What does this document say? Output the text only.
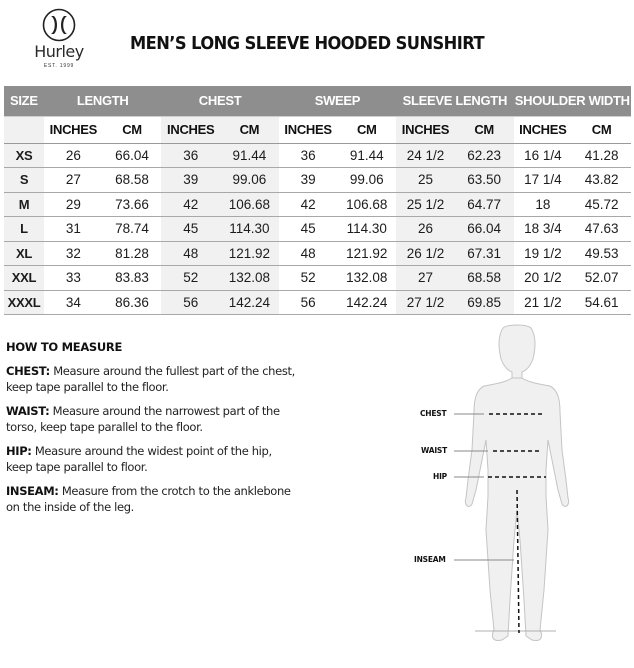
Hurley
EST. 1999
MEN’S LONG SLEEVE HOODED SUNSHIRT
SIZE	LENGTH		CHEST		SWEEP		SLEEVE LENGTH		SHOULDER WIDTH	
	INCHES	CM	INCHES	CM	INCHES	CM	INCHES	CM	INCHES	CM
XS	26	66.04	36	91.44	36	91.44	24 1/2	62.23	16 1/4	41.28
S	27	68.58	39	99.06	39	99.06	25	63.50	17 1/4	43.82
M	29	73.66	42	106.68	42	106.68	25 1/2	64.77	18	45.72
L	31	78.74	45	114.30	45	114.30	26	66.04	18 3/4	47.63
XL	32	81.28	48	121.92	48	121.92	26 1/2	67.31	19 1/2	49.53
XXL	33	83.83	52	132.08	52	132.08	27	68.58	20 1/2	52.07
XXXL	34	86.36	56	142.24	56	142.24	27 1/2	69.85	21 1/2	54.61
HOW TO MEASURE

CHEST: Measure around the fullest part of the chest, keep tape parallel to the floor.

WAIST: Measure around the narrowest part of the torso, keep tape parallel to the floor.

HIP: Measure around the widest point of the hip, keep tape parallel to floor.

INSEAM: Measure from the crotch to the anklebone on the inside of the leg.

CHEST
WAIST
HIP
INSEAM
